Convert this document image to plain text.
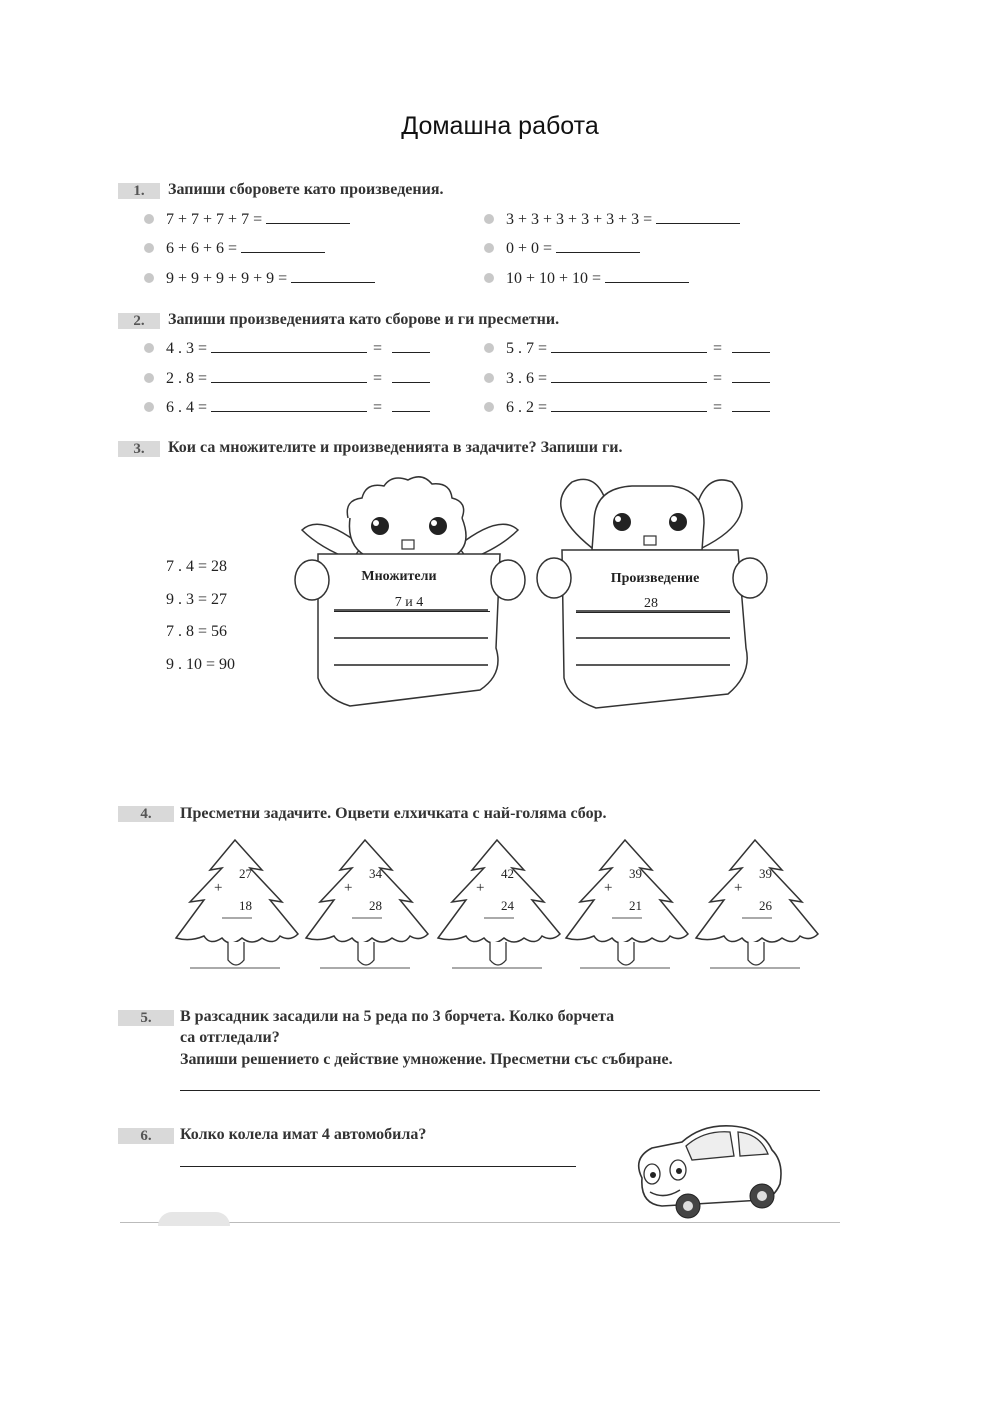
Домашна работа
1.	Запиши сборовете като произведения.
7 + 7 + 7 + 7 =	3 + 3 + 3 + 3 + 3 + 3 =
6 + 6 + 6 =	0 + 0 =
9 + 9 + 9 + 9 + 9 =	10 + 10 + 10 =
2.	Запиши произведенията като сборове и ги пресметни.
4 . 3 =	=	5 . 7 =	=
2 . 8 =	=	3 . 6 =	=
6 . 4 =	=	6 . 2 =	=
3.	Кои са множителите и произведенията в задачите? Запиши ги.
7 . 4 = 28
9 . 3 = 27
7 . 8 = 56
9 . 10 = 90
Множители
7 и 4
Произведение
28
4.	Пресметни задачите. Оцвети елхичката с най-голяма сбор.
27
+
18
34
+
28
42
+
24
39
+
21
39
+
26
5.	В разсадник засадили на 5 реда по 3 борчета. Колко борчета
са отгледали?
Запиши решението с действие умножение. Пресметни със събиране.
6.	Колко колела имат 4 автомобила?
